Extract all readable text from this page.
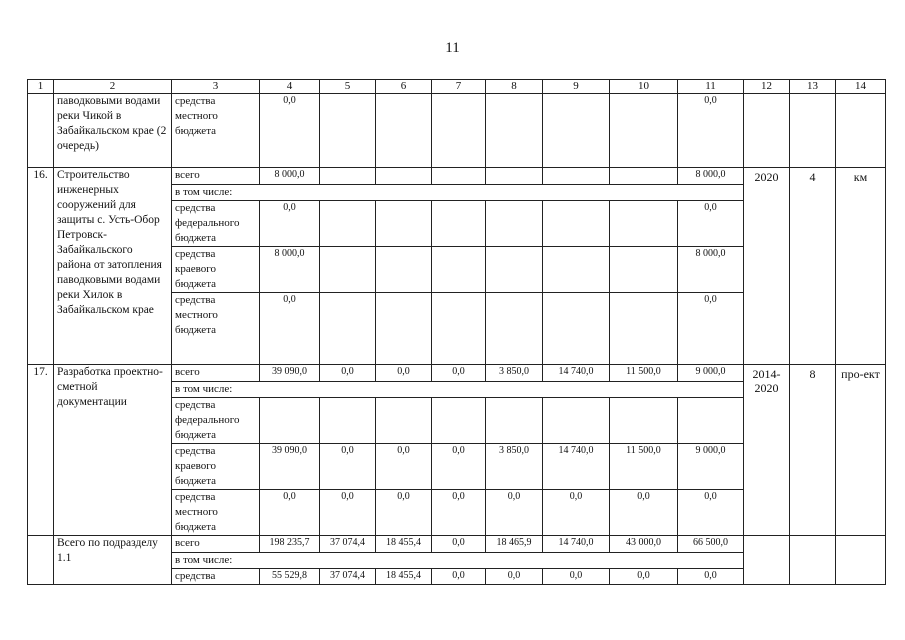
11
1	2	3	4	5	6	7	8	9	10	11	12	13	14
	паводковыми водами реки Чикой в Забайкальском крае (2 очередь)	средства местного бюджета	0,0							0,0			
16.	Строительство инженерных сооружений для защиты с. Усть-Обор Петровск-Забайкальского района от затопления паводковыми водами реки Хилок в Забайкальском крае	всего	8 000,0							8 000,0	2020	4	км
		в том числе:											
		средства федерального бюджета	0,0							0,0			
		средства краевого бюджета	8 000,0							8 000,0			
		средства местного бюджета	0,0							0,0			
17.	Разработка проектно-сметной документации	всего	39 090,0	0,0	0,0	0,0	3 850,0	14 740,0	11 500,0	9 000,0	2014-2020	8	про-ект
		в том числе:											
		средства федерального бюджета											
		средства краевого бюджета	39 090,0	0,0	0,0	0,0	3 850,0	14 740,0	11 500,0	9 000,0			
		средства местного бюджета	0,0	0,0	0,0	0,0	0,0	0,0	0,0	0,0			
	Всего по подразделу 1.1	всего	198 235,7	37 074,4	18 455,4	0,0	18 465,9	14 740,0	43 000,0	66 500,0			
		в том числе:											
		средства	55 529,8	37 074,4	18 455,4	0,0	0,0	0,0	0,0	0,0			
